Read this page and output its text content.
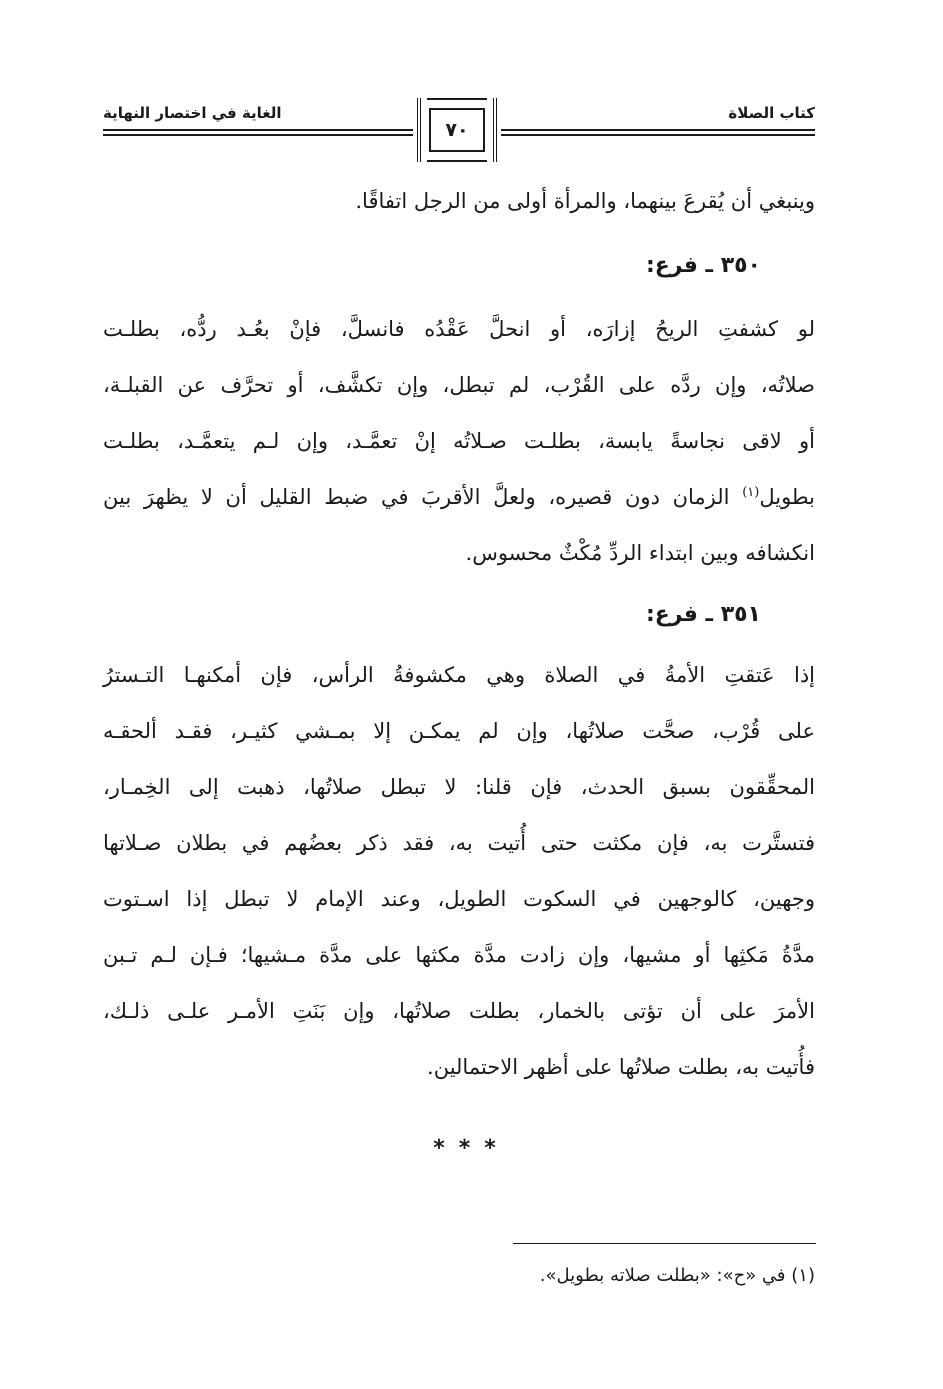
كتاب الصلاة
الغاية في اختصار النهاية
٧٠
وينبغي أن يُقرعَ بينهما، والمرأة أولى من الرجل اتفاقًا.
٣٥٠ ـ فرع:
لو كشفتِ الريحُ إزارَه، أو انحلَّ عَقْدُه فانسلَّ، فإنْ بعُـد ردُّه، بطلـت
صلاتُه، وإن ردَّه على القُرْب، لم تبطل، وإن تكشَّف، أو تحرَّف عن القبلـة،
أو لاقى نجاسةً يابسة، بطلـت صـلاتُه إنْ تعمَّـد، وإن لـم يتعمَّـد، بطلـت
بطويل$^{(١)}$ الزمان دون قصيره، ولعلَّ الأقربَ في ضبط القليل أن لا يظهرَ بين
انكشافه وبين ابتداء الردِّ مُكْثٌ محسوس.
٣٥١ ـ فرع:
إذا عَتقتِ الأمةُ في الصلاة وهي مكشوفةُ الرأس، فإن أمكنهـا التـسترُ
على قُرْب، صحَّت صلاتُها، وإن لم يمكـن إلا بمـشي كثيـر، فقـد ألحقـه
المحقِّقون بسبق الحدث، فإن قلنا: لا تبطل صلاتُها، ذهبت إلى الخِمـار،
فتستَّرت به، فإن مكثت حتى أُتيت به، فقد ذكر بعضُهم في بطلان صـلاتها
وجهين، كالوجهين في السكوت الطويل، وعند الإمام لا تبطل إذا اسـتوت
مدَّةُ مَكثِها أو مشيها، وإن زادت مدَّة مكثها على مدَّة مـشيها؛ فـإن لـم تـبن
الأمرَ على أن تؤتى بالخمار، بطلت صلاتُها، وإن بَنَتِ الأمـر علـى ذلـك،
فأُتيت به، بطلت صلاتُها على أظهر الاحتمالين.
***
(١) في «ح»: «بطلت صلاته بطويل».
